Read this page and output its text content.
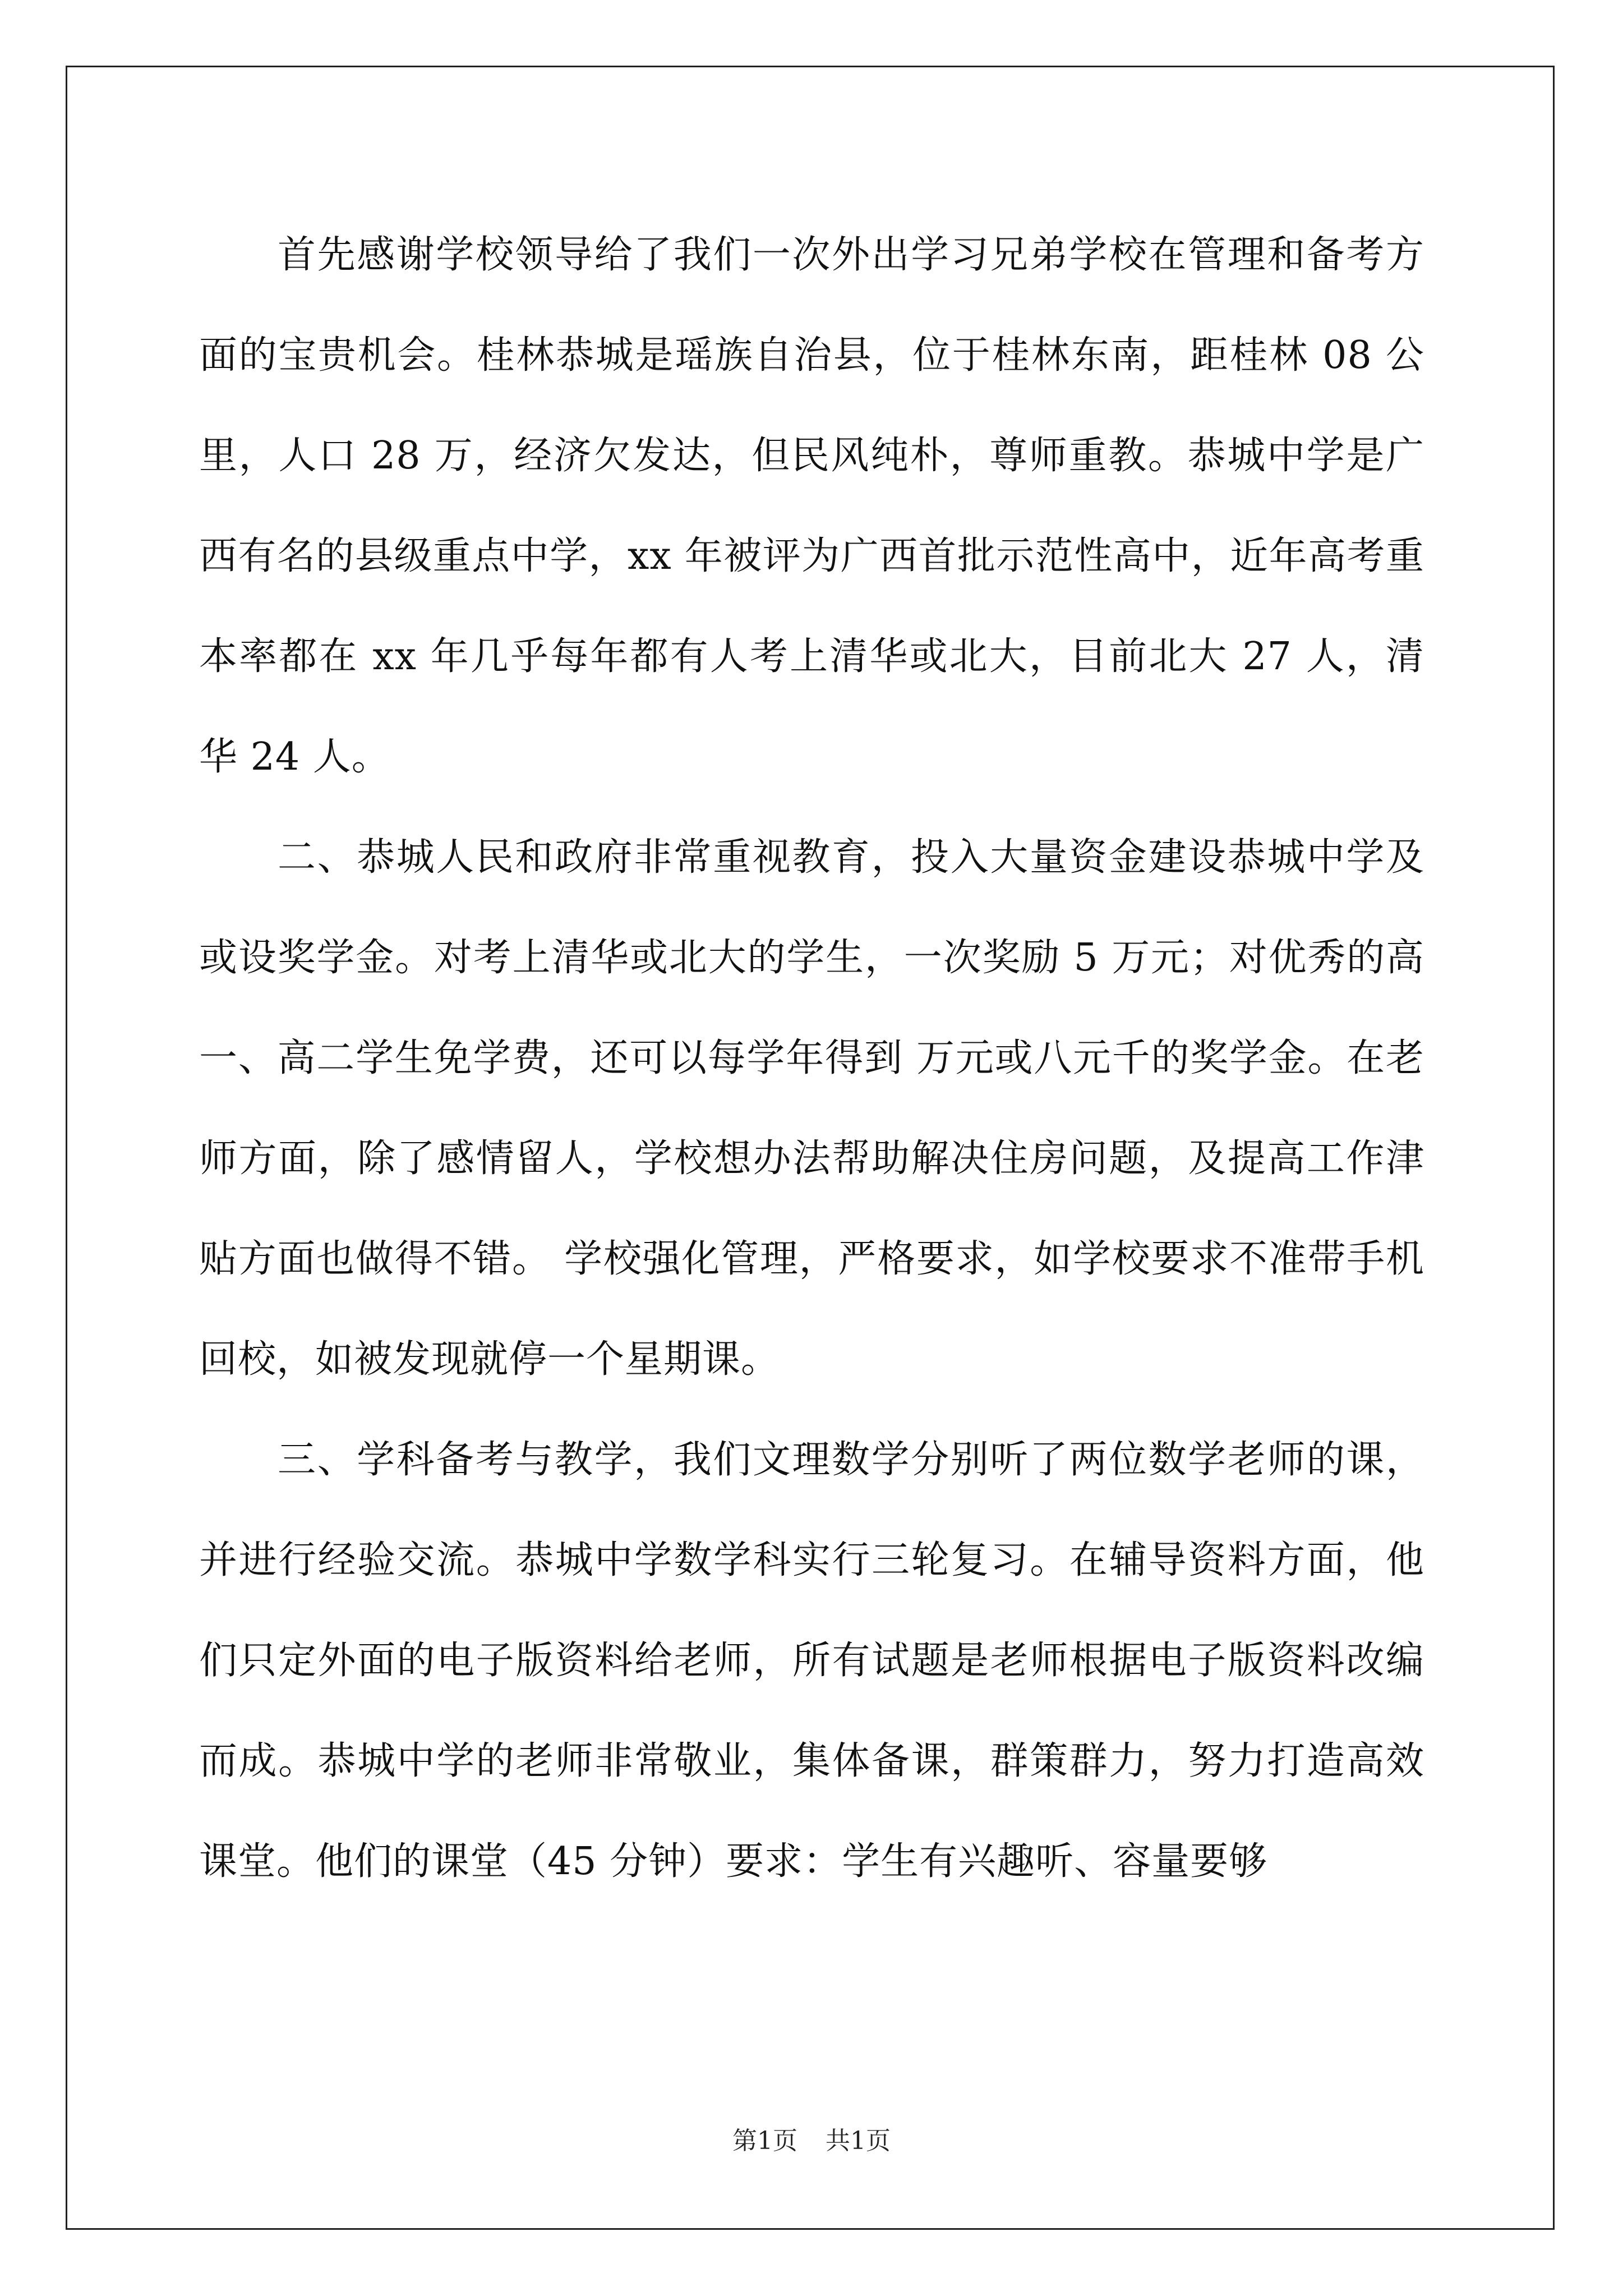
首先感谢学校领导给了我们一次外出学习兄弟学校在管理和备考方面的宝贵机会。桂林恭城是瑶族自治县，位于桂林东南，距桂林 08 公里，人口 28 万，经济欠发达，但民风纯朴，尊师重教。恭城中学是广西有名的县级重点中学，xx 年被评为广西首批示范性高中，近年高考重本率都在 xx 年几乎每年都有人考上清华或北大，目前北大 27 人，清华 24 人。

二、恭城人民和政府非常重视教育，投入大量资金建设恭城中学及或设奖学金。对考上清华或北大的学生，一次奖励 5 万元；对优秀的高一、高二学生免学费，还可以每学年得到 万元或八元千的奖学金。在老师方面，除了感情留人，学校想办法帮助解决住房问题，及提高工作津贴方面也做得不错。 学校强化管理，严格要求，如学校要求不准带手机回校，如被发现就停一个星期课。

三、学科备考与教学，我们文理数学分别听了两位数学老师的课，并进行经验交流。恭城中学数学科实行三轮复习。在辅导资料方面，他们只定外面的电子版资料给老师，所有试题是老师根据电子版资料改编而成。恭城中学的老师非常敬业，集体备课，群策群力，努力打造高效课堂。他们的课堂（45 分钟）要求：学生有兴趣听、容量要够

第1页 共1页
